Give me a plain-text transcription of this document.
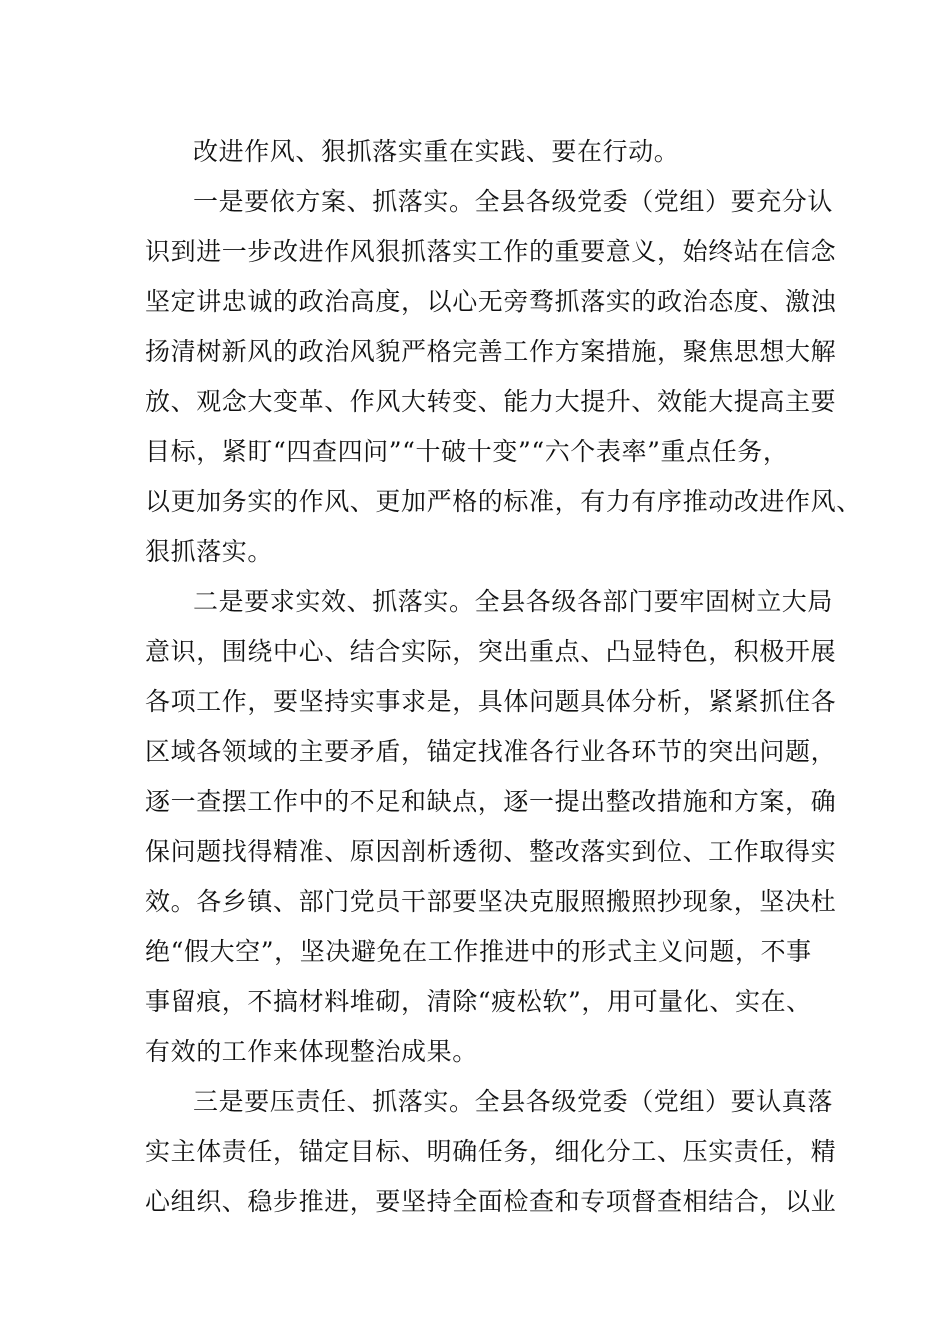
改进作风、狠抓落实重在实践、要在行动。
一是要依方案、抓落实。全县各级党委（党组）要充分认
识到进一步改进作风狠抓落实工作的重要意义，始终站在信念
坚定讲忠诚的政治高度，以心无旁骛抓落实的政治态度、激浊
扬清树新风的政治风貌严格完善工作方案措施，聚焦思想大解
放、观念大变革、作风大转变、能力大提升、效能大提高主要
目标，紧盯“四查四问”“十破十变”“六个表率”重点任务，
以更加务实的作风、更加严格的标准，有力有序推动改进作风、
狠抓落实。
二是要求实效、抓落实。全县各级各部门要牢固树立大局
意识，围绕中心、结合实际，突出重点、凸显特色，积极开展
各项工作，要坚持实事求是，具体问题具体分析，紧紧抓住各
区域各领域的主要矛盾，锚定找准各行业各环节的突出问题，
逐一查摆工作中的不足和缺点，逐一提出整改措施和方案，确
保问题找得精准、原因剖析透彻、整改落实到位、工作取得实
效。各乡镇、部门党员干部要坚决克服照搬照抄现象，坚决杜
绝“假大空”，坚决避免在工作推进中的形式主义问题，不事
事留痕，不搞材料堆砌，清除“疲松软”，用可量化、实在、
有效的工作来体现整治成果。
三是要压责任、抓落实。全县各级党委（党组）要认真落
实主体责任，锚定目标、明确任务，细化分工、压实责任，精
心组织、稳步推进，要坚持全面检查和专项督查相结合，以业
